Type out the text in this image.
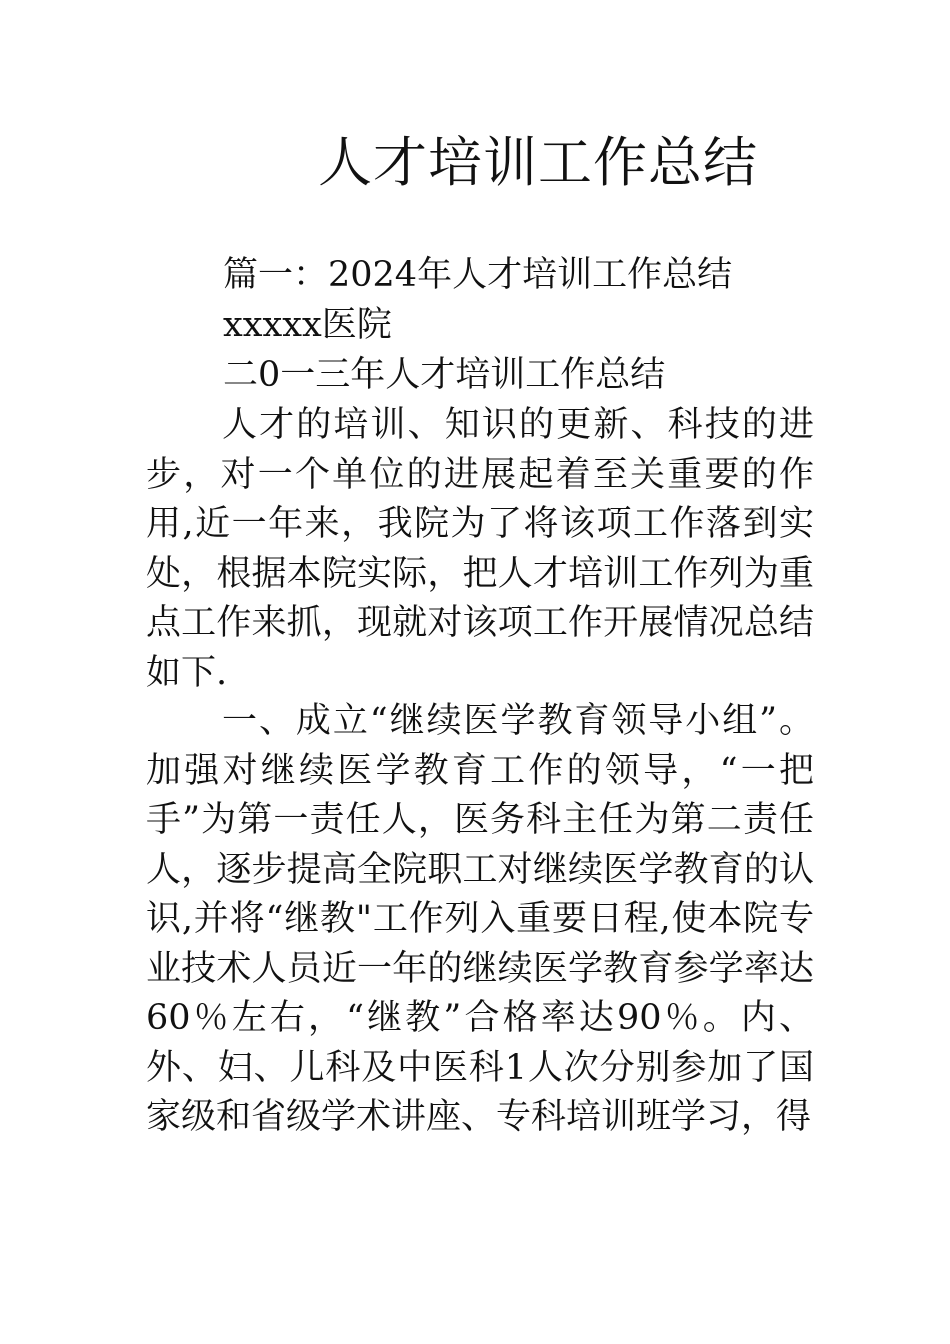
人才培训工作总结
篇一：2024年人才培训工作总结
xxxxx医院
二0一三年人才培训工作总结

人才的培训、知识的更新、科技的进步，对一个单位的进展起着至关重要的作用,近一年来，我院为了将该项工作落到实处，根据本院实际，把人才培训工作列为重点工作来抓，现就对该项工作开展情况总结如下.

一、成立“继续医学教育领导小组”。加强对继续医学教育工作的领导，“一把手”为第一责任人，医务科主任为第二责任人，逐步提高全院职工对继续医学教育的认识,并将“继教"工作列入重要日程,使本院专业技术人员近一年的继续医学教育参学率达60％左右，“继教”合格率达90％。内、外、妇、儿科及中医科1人次分别参加了国家级和省级学术讲座、专科培训班学习，得
